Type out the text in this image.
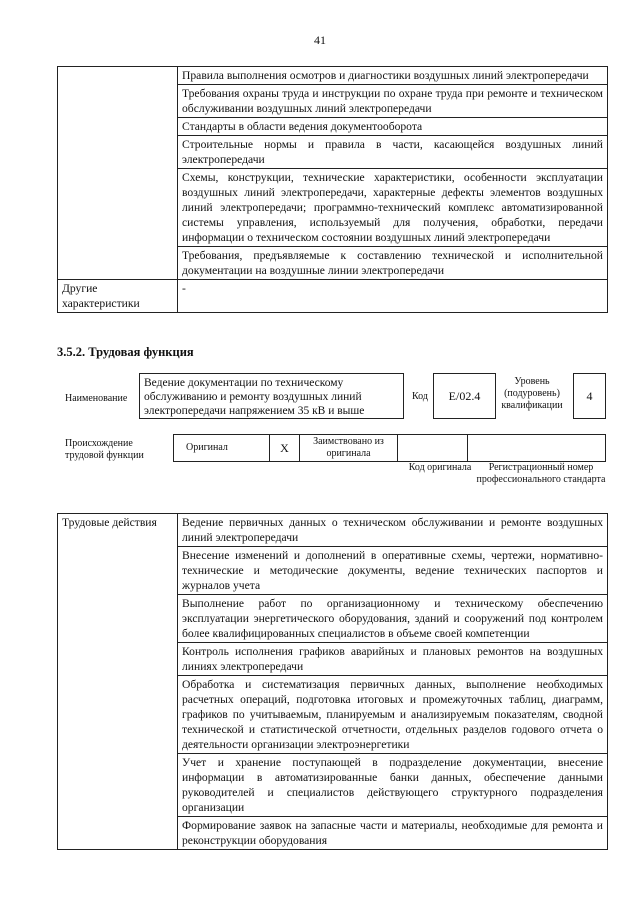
41
	Правила выполнения осмотров и диагностики воздушных линий электропередачи
	Требования охраны труда и инструкции по охране труда при ремонте и техническом обслуживании воздушных линий электропередачи
	Стандарты в области ведения документооборота
	Строительные нормы и правила в части, касающейся воздушных линий электропередачи
	Схемы, конструкции, технические характеристики, особенности эксплуатации воздушных линий электропередачи, характерные дефекты элементов воздушных линий электропередачи; программно-технический комплекс автоматизированной системы управления, используемый для получения, обработки, передачи информации о техническом состоянии воздушных линий электропередачи
	Требования, предъявляемые к составлению технической и исполнительной документации на воздушные линии электропередачи
Другие характеристики	-
3.5.2. Трудовая функция
Наименование
Ведение документации по техническому обслуживанию и ремонту воздушных линий электропередачи напряжением 35 кВ и выше
Код	E/02.4
Уровень (подуровень) квалификации
4
Происхождение трудовой функции
Оригинал	X	Заимствовано из оригинала
Код оригинала	Регистрационный номер профессионального стандарта
Трудовые действия	Ведение первичных данных о техническом обслуживании и ремонте воздушных линий электропередачи
Внесение изменений и дополнений в оперативные схемы, чертежи, нормативно-технические и методические документы, ведение технических паспортов и журналов учета
Выполнение работ по организационному и техническому обеспечению эксплуатации энергетического оборудования, зданий и сооружений под контролем более квалифицированных специалистов в объеме своей компетенции
Контроль исполнения графиков аварийных и плановых ремонтов на воздушных линиях электропередачи
Обработка и систематизация первичных данных, выполнение необходимых расчетных операций, подготовка итоговых и промежуточных таблиц, диаграмм, графиков по учитываемым, планируемым и анализируемым показателям, сводной технической и статистической отчетности, отдельных разделов годового отчета о деятельности организации электроэнергетики
Учет и хранение поступающей в подразделение документации, внесение информации в автоматизированные банки данных, обеспечение данными руководителей и специалистов действующего структурного подразделения организации
Формирование заявок на запасные части и материалы, необходимые для ремонта и реконструкции оборудования
